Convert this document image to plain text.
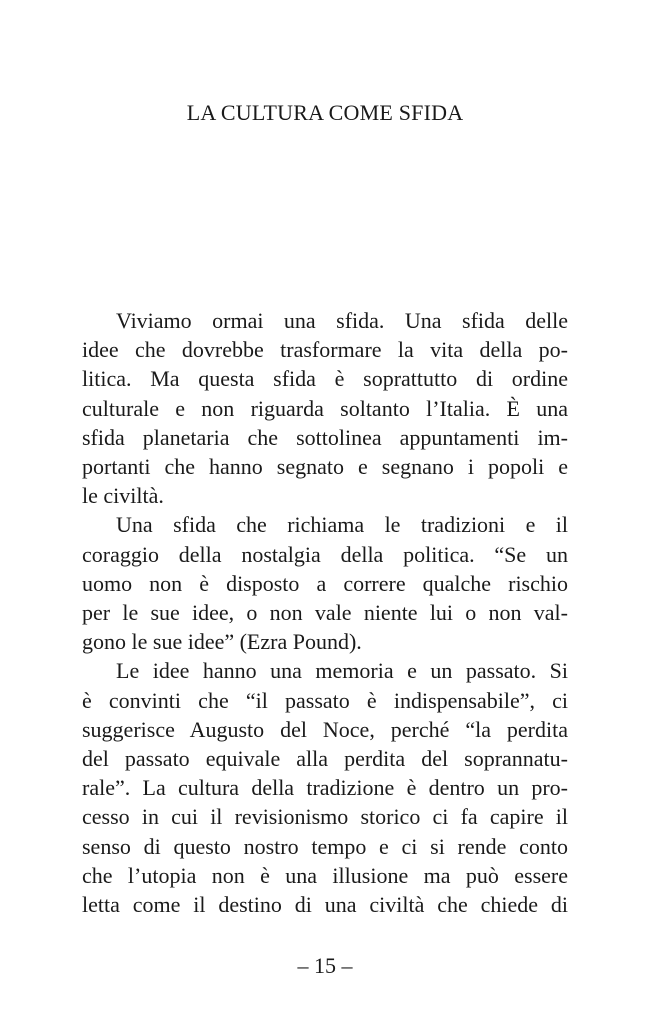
LA CULTURA COME SFIDA
Viviamo ormai una sfida. Una sfida delle
idee che dovrebbe trasformare la vita della po-
litica. Ma questa sfida è soprattutto di ordine
culturale e non riguarda soltanto l’Italia. È una
sfida planetaria che sottolinea appuntamenti im-
portanti che hanno segnato e segnano i popoli e
le civiltà.
Una sfida che richiama le tradizioni e il
coraggio della nostalgia della politica. “Se un
uomo non è disposto a correre qualche rischio
per le sue idee, o non vale niente lui o non val-
gono le sue idee” (Ezra Pound).
Le idee hanno una memoria e un passato. Si
è convinti che “il passato è indispensabile”, ci
suggerisce Augusto del Noce, perché “la perdita
del passato equivale alla perdita del soprannatu-
rale”. La cultura della tradizione è dentro un pro-
cesso in cui il revisionismo storico ci fa capire il
senso di questo nostro tempo e ci si rende conto
che l’utopia non è una illusione ma può essere
letta come il destino di una civiltà che chiede di
– 15 –
